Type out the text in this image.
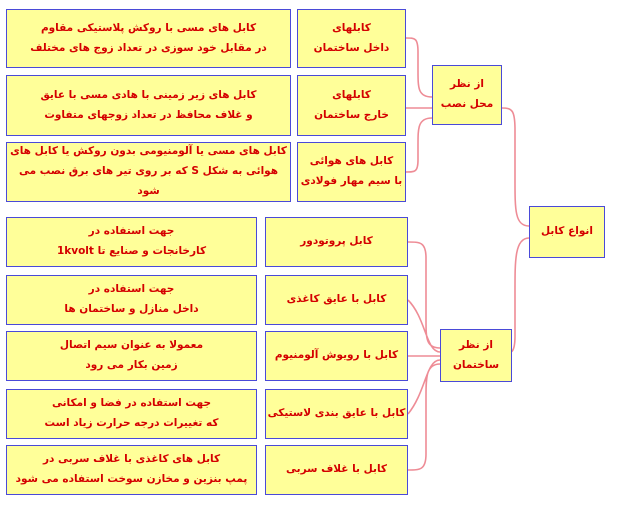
انواع کابل
از نظر
محل نصب
از نظر
ساختمان
کابلهای
داخل ساختمان
کابلهای
خارج ساختمان
کابل های هوائی
با سیم مهار فولادی
کابل های مسی با روکش پلاستیکی مقاوم
در مقابل خود سوزی در تعداد زوج های مختلف
کابل های زیر زمینی با هادی مسی با عایق
و غلاف محافظ در تعداد زوجهای متفاوت
کابل های مسی یا آلومنیومی بدون روکش یا کابل های
هوائی به شکل S که بر روی تیر های برق نصب می شود
کابل پروتودور
کابل با عایق کاغذی
کابل با رویوش آلومنیوم
کابل با عایق بندی لاستیکی
کابل با غلاف سربی
جهت استفاده در
کارخانجات و صنایع تا 1kvolt
جهت استفاده در
داخل منازل و ساختمان ها
معمولا به عنوان سیم اتصال
زمین بکار می رود
جهت استفاده در فضا و امکانی
که تغییرات درجه حرارت زیاد است
کابل های کاغذی با غلاف سربی در
پمپ بنزین و مخازن سوخت استفاده می شود
